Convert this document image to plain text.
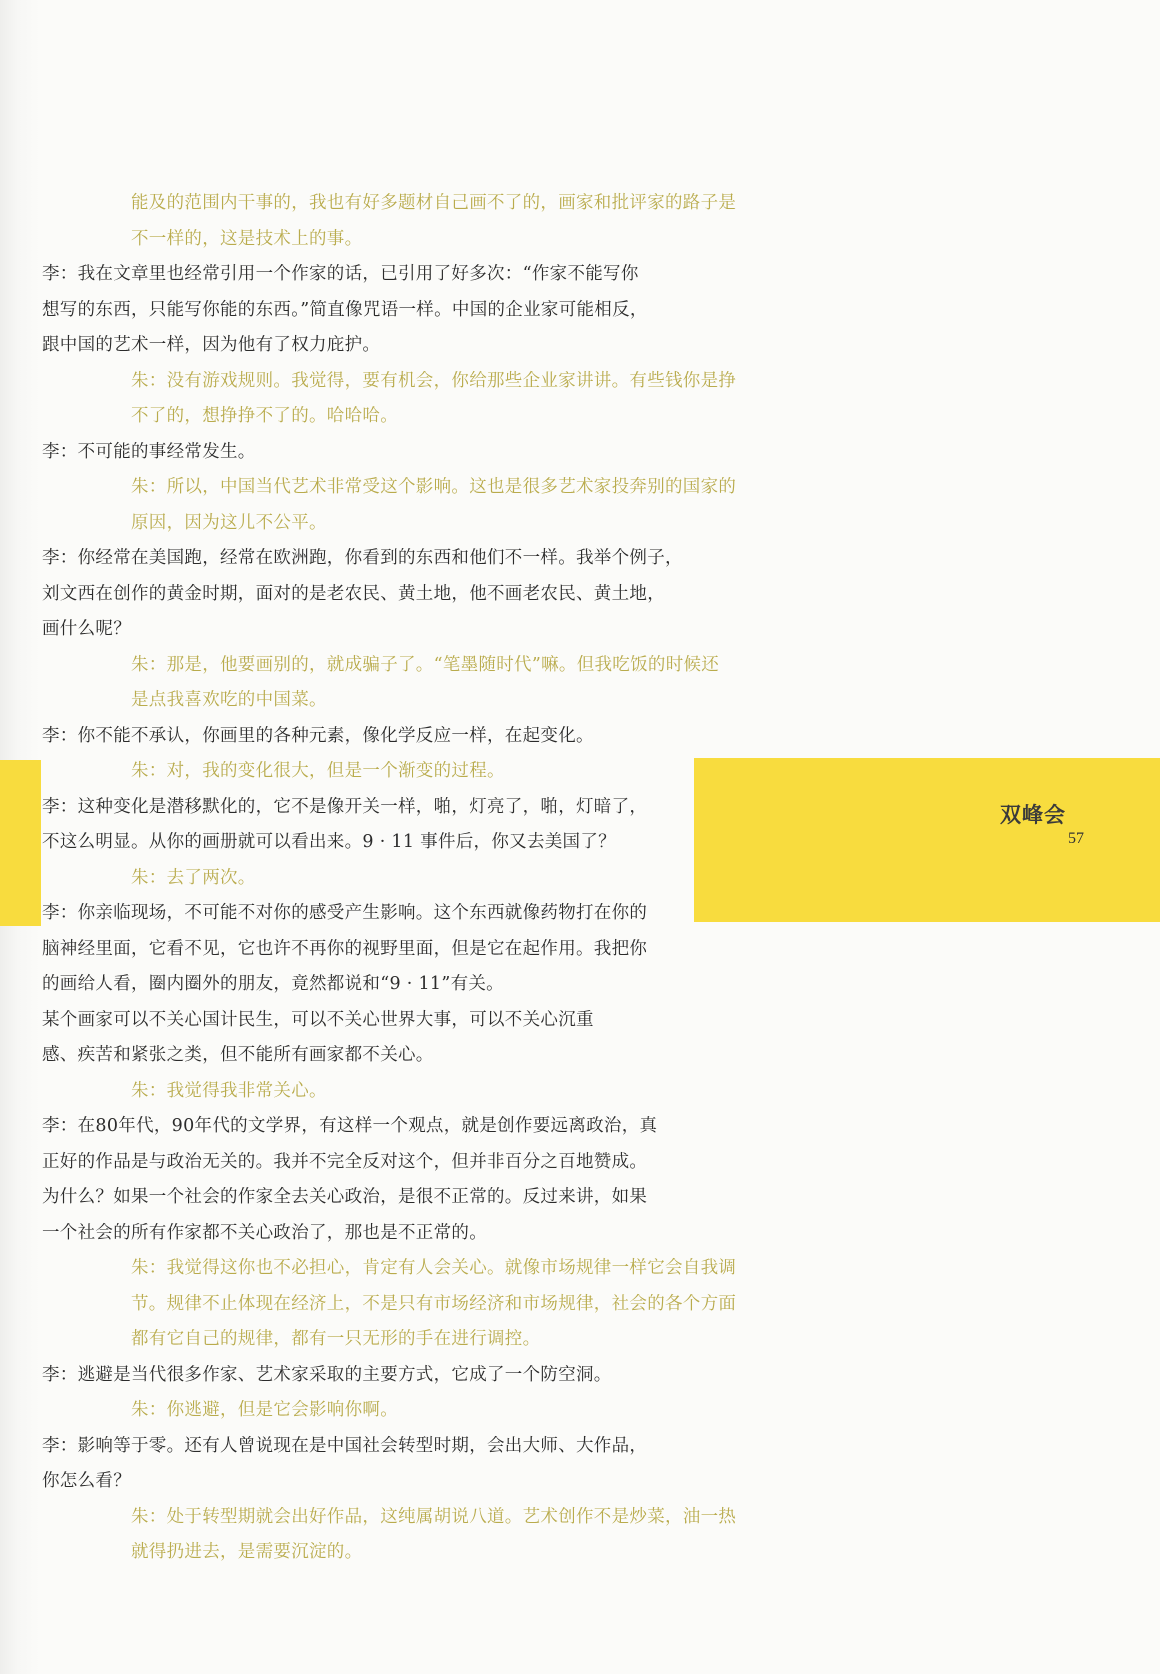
双峰会
57

能及的范围内干事的，我也有好多题材自己画不了的，画家和批评家的路子是

不一样的，这是技术上的事。

李：我在文章里也经常引用一个作家的话，已引用了好多次：“作家不能写你

想写的东西，只能写你能的东西。”简直像咒语一样。中国的企业家可能相反，

跟中国的艺术一样，因为他有了权力庇护。

朱：没有游戏规则。我觉得，要有机会，你给那些企业家讲讲。有些钱你是挣

不了的，想挣挣不了的。哈哈哈。

李：不可能的事经常发生。

朱：所以，中国当代艺术非常受这个影响。这也是很多艺术家投奔别的国家的

原因，因为这儿不公平。

李：你经常在美国跑，经常在欧洲跑，你看到的东西和他们不一样。我举个例子，

刘文西在创作的黄金时期，面对的是老农民、黄土地，他不画老农民、黄土地，

画什么呢？

朱：那是，他要画别的，就成骗子了。“笔墨随时代”嘛。但我吃饭的时候还

是点我喜欢吃的中国菜。

李：你不能不承认，你画里的各种元素，像化学反应一样，在起变化。

朱：对，我的变化很大，但是一个渐变的过程。

李：这种变化是潜移默化的，它不是像开关一样，啪，灯亮了，啪，灯暗了，

不这么明显。从你的画册就可以看出来。9 · 11 事件后，你又去美国了？

朱：去了两次。

李：你亲临现场，不可能不对你的感受产生影响。这个东西就像药物打在你的

脑神经里面，它看不见，它也许不再你的视野里面，但是它在起作用。我把你

的画给人看，圈内圈外的朋友，竟然都说和“9 · 11”有关。

某个画家可以不关心国计民生，可以不关心世界大事，可以不关心沉重

感、疾苦和紧张之类，但不能所有画家都不关心。

朱：我觉得我非常关心。

李：在80年代，90年代的文学界，有这样一个观点，就是创作要远离政治，真

正好的作品是与政治无关的。我并不完全反对这个，但并非百分之百地赞成。

为什么？如果一个社会的作家全去关心政治，是很不正常的。反过来讲，如果

一个社会的所有作家都不关心政治了，那也是不正常的。

朱：我觉得这你也不必担心，肯定有人会关心。就像市场规律一样它会自我调

节。规律不止体现在经济上，不是只有市场经济和市场规律，社会的各个方面

都有它自己的规律，都有一只无形的手在进行调控。

李：逃避是当代很多作家、艺术家采取的主要方式，它成了一个防空洞。

朱：你逃避，但是它会影响你啊。

李：影响等于零。还有人曾说现在是中国社会转型时期，会出大师、大作品，

你怎么看？

朱：处于转型期就会出好作品，这纯属胡说八道。艺术创作不是炒菜，油一热

就得扔进去，是需要沉淀的。
